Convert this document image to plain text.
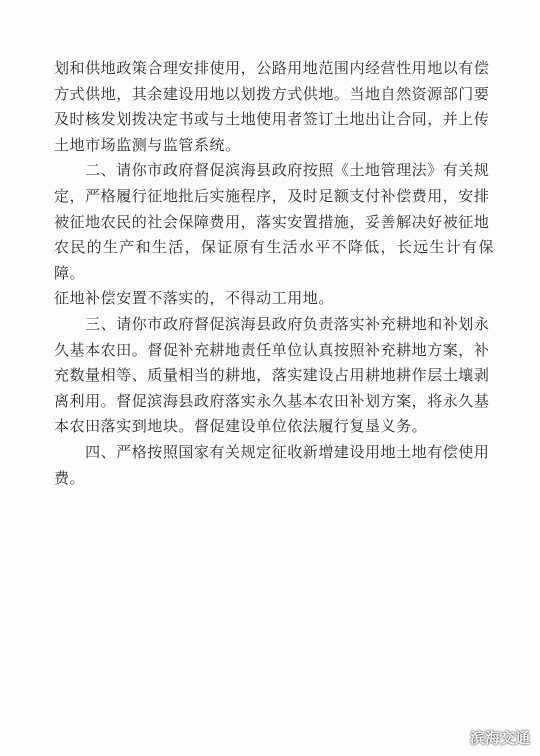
划和供地政策合理安排使用，公路用地范围内经营性用地以有偿
方式供地，其余建设用地以划拨方式供地。当地自然资源部门要
及时核发划拨决定书或与土地使用者签订土地出让合同，并上传
土地市场监测与监管系统。

　　二、请你市政府督促滨海县政府按照《土地管理法》有关规
定，严格履行征地批后实施程序，及时足额支付补偿费用，安排
被征地农民的社会保障费用，落实安置措施，妥善解决好被征地
农民的生产和生活，保证原有生活水平不降低，长远生计有保障。
征地补偿安置不落实的，不得动工用地。

　　三、请你市政府督促滨海县政府负责落实补充耕地和补划永
久基本农田。督促补充耕地责任单位认真按照补充耕地方案，补
充数量相等、质量相当的耕地，落实建设占用耕地耕作层土壤剥
离利用。督促滨海县政府落实永久基本农田补划方案，将永久基
本农田落实到地块。督促建设单位依法履行复垦义务。

　　四、严格按照国家有关规定征收新增建设用地土地有偿使用
费。

滨海交通
